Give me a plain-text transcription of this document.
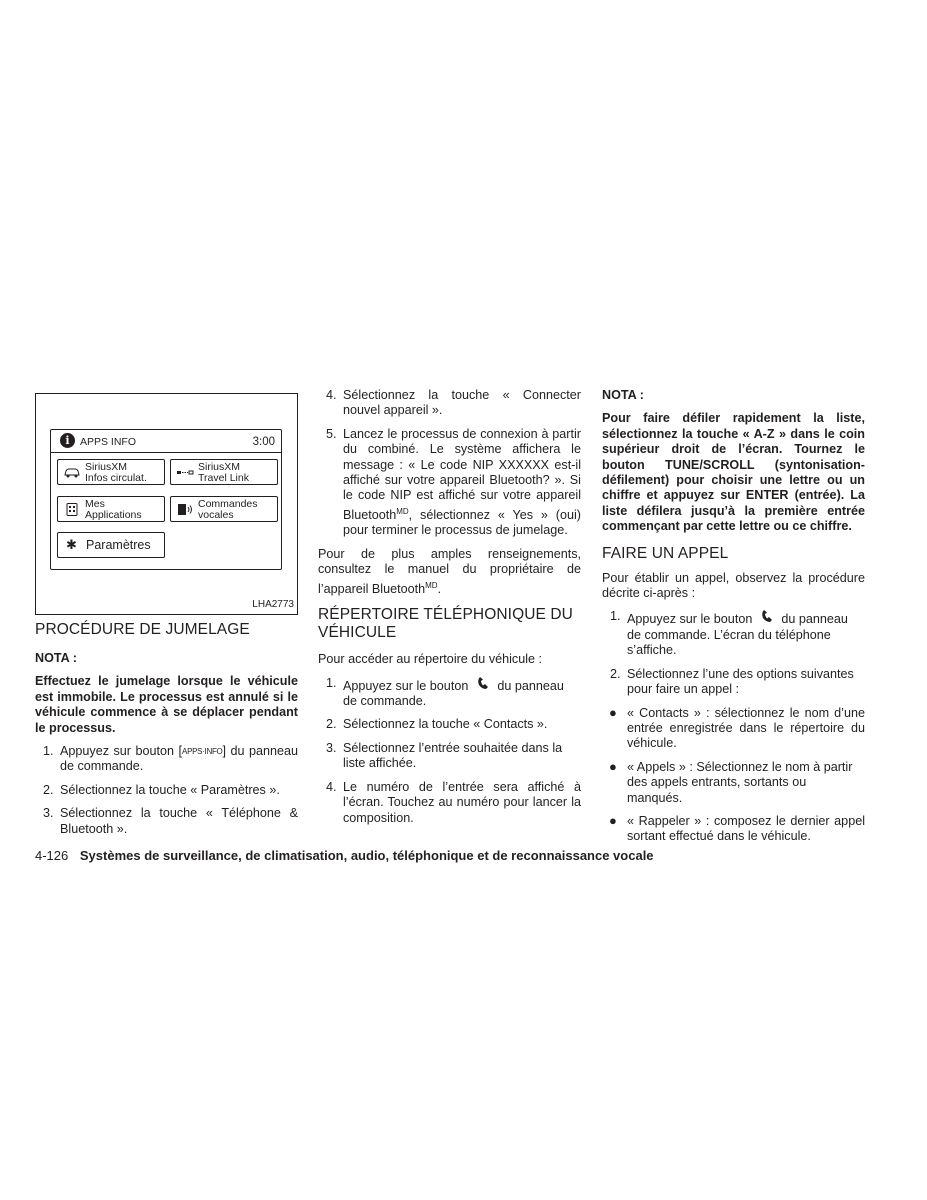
i APPS INFO	3:00
SiriusXM
Infos circulat.
SiriusXM
Travel Link
Mes
Applications
Commandes
vocales
✱ Paramètres
LHA2773
PROCÉDURE DE JUMELAGE

NOTA :

Effectuez le jumelage lorsque le véhicule est immobile. Le processus est annulé si le véhicule commence à se déplacer pendant le processus.

1. Appuyez sur bouton [APPS·INFO] du panneau de commande.
2. Sélectionnez la touche « Paramètres ».
3. Sélectionnez la touche « Téléphone & Bluetooth ».
4. Sélectionnez la touche « Connecter nouvel appareil ».
5. Lancez le processus de connexion à partir du combiné. Le système affichera le message : « Le code NIP XXXXXX est-il affiché sur votre appareil Bluetooth? ». Si le code NIP est affiché sur votre appareil Bluetooth$^{MD}$, sélectionnez « Yes » (oui) pour terminer le processus de jumelage.

Pour de plus amples renseignements, consultez le manuel du propriétaire de l’appareil Bluetooth$^{MD}$.

RÉPERTOIRE TÉLÉPHONIQUE DU VÉHICULE

Pour accéder au répertoire du véhicule :

1. Appuyez sur le bouton du panneau de commande.
2. Sélectionnez la touche « Contacts ».
3. Sélectionnez l’entrée souhaitée dans la liste affichée.
4. Le numéro de l’entrée sera affiché à l’écran. Touchez au numéro pour lancer la composition.

NOTA :

Pour faire défiler rapidement la liste, sélectionnez la touche « A-Z » dans le coin supérieur droit de l’écran. Tournez le bouton TUNE/SCROLL (syntonisation-défilement) pour choisir une lettre ou un chiffre et appuyez sur ENTER (entrée). La liste défilera jusqu’à la première entrée commençant par cette lettre ou ce chiffre.

FAIRE UN APPEL

Pour établir un appel, observez la procédure décrite ci-après :

1. Appuyez sur le bouton du panneau de commande. L’écran du téléphone s’affiche.
2. Sélectionnez l’une des options suivantes pour faire un appel :
● « Contacts » : sélectionnez le nom d’une entrée enregistrée dans le répertoire du véhicule.
● « Appels » : Sélectionnez le nom à partir des appels entrants, sortants ou manqués.
● « Rappeler » : composez le dernier appel sortant effectué dans le véhicule.
4-126 Systèmes de surveillance, de climatisation, audio, téléphonique et de reconnaissance vocale
